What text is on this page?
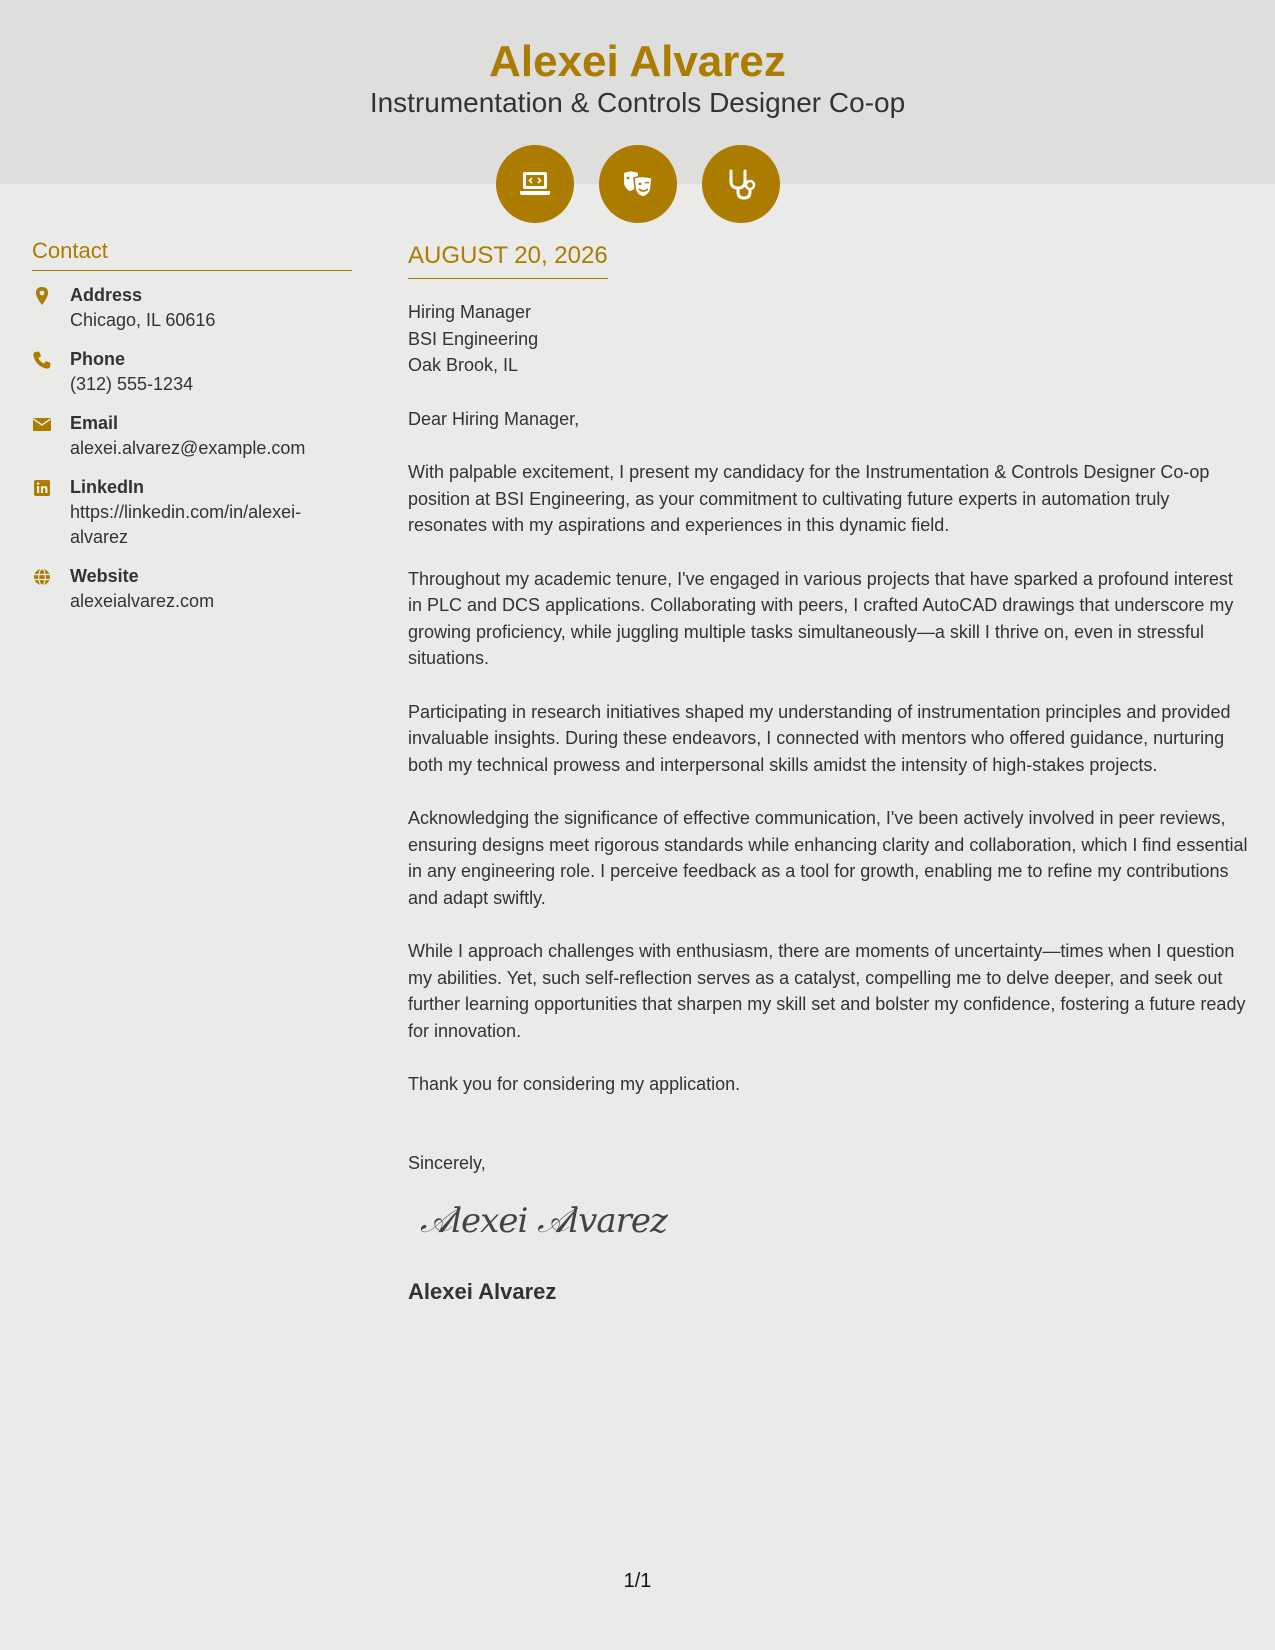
Alexei Alvarez
Instrumentation & Controls Designer Co-op
Contact
Address
Chicago, IL 60616
Phone
(312) 555-1234
Email
alexei.alvarez@example.com
LinkedIn
https://linkedin.com/in/alexei-alvarez
Website
alexeialvarez.com
AUGUST 20, 2026
Hiring Manager
BSI Engineering
Oak Brook, IL
Dear Hiring Manager,
With palpable excitement, I present my candidacy for the Instrumentation & Controls Designer Co-op position at BSI Engineering, as your commitment to cultivating future experts in automation truly resonates with my aspirations and experiences in this dynamic field.
Throughout my academic tenure, I've engaged in various projects that have sparked a profound interest in PLC and DCS applications. Collaborating with peers, I crafted AutoCAD drawings that underscore my growing proficiency, while juggling multiple tasks simultaneously—a skill I thrive on, even in stressful situations.
Participating in research initiatives shaped my understanding of instrumentation principles and provided invaluable insights. During these endeavors, I connected with mentors who offered guidance, nurturing both my technical prowess and interpersonal skills amidst the intensity of high-stakes projects.
Acknowledging the significance of effective communication, I've been actively involved in peer reviews, ensuring designs meet rigorous standards while enhancing clarity and collaboration, which I find essential in any engineering role. I perceive feedback as a tool for growth, enabling me to refine my contributions and adapt swiftly.
While I approach challenges with enthusiasm, there are moments of uncertainty—times when I question my abilities. Yet, such self-reflection serves as a catalyst, compelling me to delve deeper, and seek out further learning opportunities that sharpen my skill set and bolster my confidence, fostering a future ready for innovation.
Thank you for considering my application.
Sincerely,
𝒜lexei 𝒜lvarez
Alexei Alvarez
1/1
